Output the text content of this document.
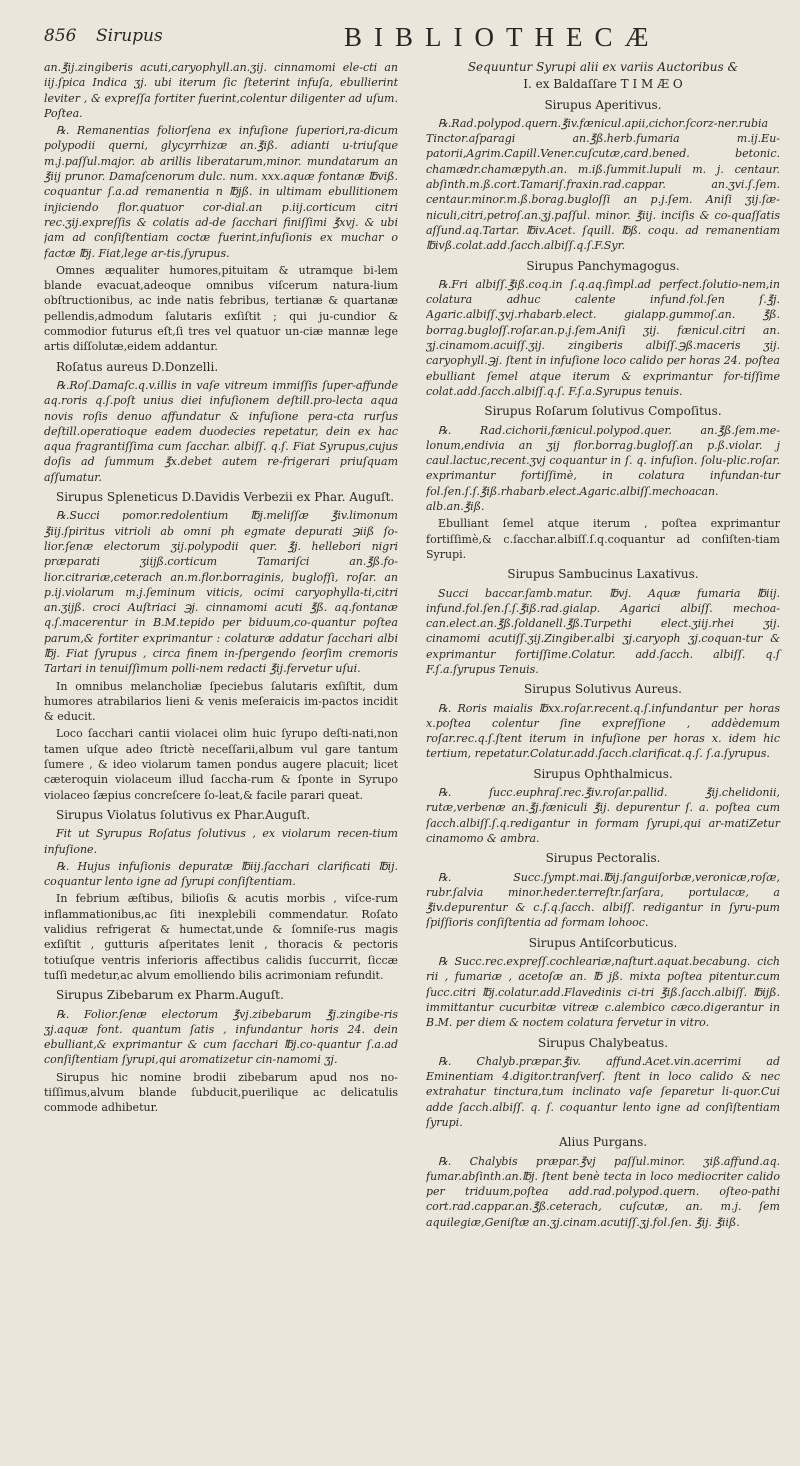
856 Sirupus	BIBLIOTHECÆ

an.℥ij.zingiberis acuti,caryophyll.an.ʒij. cinnamomi ele-cti an iij.ſpica Indica ʒj. ubi iterum ſic ſteterint infuſa, ebullierint leviter , & expreſſa fortiter fuerint,colentur diligenter ad uſum. Poſtea.

℞. Remanentias foliorſena ex infuſione ſuperiori,ra-dicum polypodii querni, glycyrrhizæ an.℥iß. adianti u-triuſque m.j.paſſul.major. ab arillis liberatarum,minor. mundatarum an ℥iij prunor. Damaſcenorum dulc. num. xxx.aquæ fontanæ ℔viß. coquantur ſ.a.ad remanentia n ℔jß. in ultimam ebullitionem injiciendo flor.quatuor cor-dial.an p.iij.corticum citri rec.ʒij.expreſſis & colatis ad-de ſacchari finiſſimi ℥xvj. & ubi jam ad conſiſtentiam coctæ fuerint,infuſionis ex muchar o factæ ℔j. Fiat,lege ar-tis,ſyrupus.

Omnes æqualiter humores,pituitam & utramque bi-lem blande evacuat,adeoque omnibus viſcerum natura-lium obſtructionibus, ac inde natis febribus, tertianæ & quartanæ pellendis,admodum ſalutaris exſiſtit ; qui ju-cundior & commodior futurus eſt,ſi tres vel quatuor un-ciæ mannæ lege artis diſſolutæ,eidem addantur.

Roſatus aureus D.Donzelli.

℞.Roſ.Damaſc.q.v.illis in vaſe vitreum immiſſis ſuper-affunde aq.roris q.ſ.poſt unius diei infuſionem deſtill.pro-lecta aqua novis roſis denuo affundatur & infuſione pera-cta rurſus deſtill.operatioque eadem duodecies repetatur, dein ex hac aqua fragrantiſſima cum ſacchar. albiſſ. q.ſ. Fiat Syrupus,cujus doſis ad ſummum ℥x.debet autem re-frigerari priuſquam aſſumatur.

Sirupus Spleneticus D.Davidis Verbezii ex Phar. Auguſt.

℞.Succi pomor.redolentium ℔j.meliſſæ ℥iv.limonum ℥iij.ſpiritus vitrioli ab omni ph egmate depurati ℈iiß ſo-lior.ſenæ electorum ʒij.polypodii quer. ℥j. hellebori nigri præparati ʒiijß.corticum Tamariſci an.℥ß.fo-lior.citrariæ,ceterach an.m.flor.borraginis, buglofſi, roſar. an p.ij.violarum m.j.ſeminum viticis, ocimi caryophylla-ti,citri an.ʒijß. croci Auſtriaci ℈j. cinnamomi acuti ℥ß. aq.fontanæ q.ſ.macerentur in B.M.tepido per biduum,co-quantur poſtea parum,& fortiter exprimantur : colaturæ addatur ſacchari albi ℔j. Fiat ſyrupus , circa finem in-ſpergendo ſeorſim cremoris Tartari in tenuiſſimum polli-nem redacti ℥ij.fervetur uſui.

In omnibus melancholiæ ſpeciebus ſalutaris exſiſtit, dum humores atrabilarios lieni & venis meſeraicis im-pactos incidit & educit.

Loco ſacchari cantii violacei olim huic ſyrupo deſti-nati,non tamen uſque adeo ſtrictè neceſſarii,album vul gare tantum ſumere , & ideo violarum tamen pondus augere placuit; licet cæteroquin violaceum illud ſaccha-rum & ſponte in Syrupo violaceo ſæpius concreſcere ſo-leat,& facile parari queat.

Sirupus Violatus ſolutivus ex Phar.Auguſt.

Fit ut Syrupus Roſatus ſolutivus , ex violarum recen-tium infuſione.

℞. Hujus infuſionis depuratæ ℔iij.ſacchari clarificati ℔ij. coquantur lento igne ad ſyrupi conſiſtentiam.

In febrium æſtibus, bilioſis & acutis morbis , viſce-rum inflammationibus,ac ſiti inexplebili commendatur. Roſato validius refrigerat & humectat,unde & ſomniſe-rus magis exſiſtit , gutturis aſperitates lenit , thoracis & pectoris totiuſque ventris inferioris affectibus calidis ſuccurrit, ſiccæ tuſſi medetur,ac alvum emolliendo bilis acrimoniam refundit.

Sirupus Zibebarum ex Pharm.Auguſt.

℞. Folior.ſenæ electorum ℥vj.zibebarum ℥j.zingibe-ris ʒj.aquæ font. quantum ſatis , infundantur horis 24. dein ebulliant,& exprimantur & cum ſacchari ℔j.co-quantur ſ.a.ad conſiſtentiam ſyrupi,qui aromatizetur cin-namomi ʒj.

Sirupus hic nomine brodii zibebarum apud nos no-tiſſimus,alvum blande ſubducit,puerilique ac delicatulis commode adhibetur.

Sequuntur Syrupi alii ex variis Auctoribus &
I. ex Baldaſſare T I M Æ O
Sirupus Aperitivus.

℞.Rad.polypod.quern.℥iv.fænicul.apii,cichor.ſcorz-ner.rubia Tinctor.aſparagi an.℥ß.herb.fumaria m.ij.Eu-patorii,Agrim.Capill.Vener.cuſcutæ,card.bened. betonic. chamædr.chamæpyth.an. m.iß.ſummit.lupuli m. j. centaur. abſinth.m.ß.cort.Tamariſ.fraxin.rad.cappar. an.ʒvi.ſ.ſem. centaur.minor.m.ß.borag.bugloſſi an p.j.ſem. Aniſi ʒij.ſæ-niculi,citri,petroſ.an.ʒj.paſſul. minor. ℥iij. inciſis & co-quaſſatis aſſund.aq.Tartar. ℔iv.Acet. ſquill. ℔ß. coqu. ad remanentiam ℔ivß.colat.add.ſacch.albiſſ.q.ſ.F.Syr.

Sirupus Panchymagogus.

℞.Fri albiſſ.℥iß.coq.in ſ.q.aq.ſimpl.ad perfect.ſolutio-nem,in colatura adhuc calente infund.fol.ſen ſ.℥j. Agaric.albiſſ.ʒvj.rhabarb.elect. gialapp.gummoſ.an. ℥ß. borrag.bugloſſ.roſar.an.p.j.ſem.Aniſi ʒij. fænicul.citri an. ʒj.cinamom.acuiſſ.ʒij. zingiberis albiſſ.℈ß.maceris ʒij. caryophyll.℈j. ſtent in infuſione loco calido per horas 24. poſtea ebulliant ſemel atque iterum & exprimantur for-tiſſime colat.add.ſacch.albiſſ.q.ſ. F.ſ.a.Syrupus tenuis.

Sirupus Roſarum ſolutivus Compoſitus.

℞. Rad.cichorii,fænicul.polypod.quer. an.℥ß.ſem.me-lonum,endivia an ʒij flor.borrag.bugloſſ.an p.ß.violar. j caul.lactuc,recent.ʒvj coquantur in ſ. q. infuſion. ſolu-plic.roſar. exprimantur fortiſſimè, in colatura infundan-tur fol.ſen.ſ.ſ.℥iß.rhabarb.elect.Agaric.albiſſ.mechoacan. alb.an.℥iß.

Ebulliant ſemel atque iterum , poſtea exprimantur fortiſſimè,& c.ſacchar.albiſſ.ſ.q.coquantur ad conſiſten-tiam Syrupi.

Sirupus Sambucinus Laxativus.

Succi baccar.ſamb.matur. ℔vj. Aquæ fumaria ℔iij. infund.fol.ſen.ſ.ſ.℥iß.rad.gialap. Agarici albiſſ. mechoa-can.elect.an.℥ß.ſoldanell.℥ß.Turpethi elect.ʒiij.rhei ʒij. cinamomi acutiſſ.ʒij.Zingiber.albi ʒj.caryoph ʒj.coquan-tur & exprimantur fortiſſime.Colatur. add.ſacch. albiſſ. q.ſ F.ſ.a.ſyrupus Tenuis.

Sirupus Solutivus Aureus.

℞. Roris maialis ℔xx.roſar.recent.q.ſ.infundantur per horas x.poſtea colentur ſine expreſſione , addèdemum roſar.rec.q.ſ.ſtent iterum in infuſione per horas x. idem hic tertium, repetatur.Colatur.add.ſacch.clarificat.q.ſ. ſ.a.ſyrupus.

Sirupus Ophthalmicus.

℞. ſucc.euphraſ.rec.℥iv.roſar.pallid. ℥ij.chelidonii, rutæ,verbenæ an.℥j.fæniculi ℥ij. depurentur ſ. a. poſtea cum ſacch.albiſſ.ſ.q.redigantur in formam ſyrupi,qui ar-matiZetur cinamomo & ambra.

Sirupus Pectoralis.

℞. Succ.ſympt.mai.℔ij.ſanguiſorbæ,veronicæ,roſæ, rubr.ſalvia minor.heder.terreſtr.ſarſara, portulacæ, a ℥iv.depurentur & c.ſ.q.ſacch. albiſſ. redigantur in ſyru-pum ſpiſſioris conſiſtentia ad formam lohooc.

Sirupus Antiſcorbuticus.

℞ Succ.rec.expreſſ.cochleariæ,naſturt.aquat.becabung. cich rii , fumariæ , acetoſæ an. ℔ jß. mixta poſtea pitentur.cum ſucc.citri ℔j.colatur.add.Flavedinis ci-tri ℥iß.ſacch.albiſſ. ℔ijß. immittantur cucurbitæ vitreæ c.alembico cæco.digerantur in B.M. per diem & noctem colatura fervetur in vitro.

Sirupus Chalybeatus.

℞. Chalyb.præpar.℥iv. affund.Acet.vin.acerrimi ad Eminentiam 4.digitor.tranſverſ. ſtent in loco calido & nec extrahatur tinctura,tum inclinato vaſe ſeparetur li-quor.Cui adde ſacch.albiſſ. q. ſ. coquantur lento igne ad conſiſtentiam ſyrupi.

Alius Purgans.

℞. Chalybis præpar.℥vj paſſul.minor. ʒiß.affund.aq. fumar.abſinth.an.℔j. ſtent benè tecta in loco mediocriter calido per triduum,poſtea add.rad.polypod.quern. oſteo-pathi cort.rad.cappar.an.℥ß.ceterach, cuſcutæ, an. m.j. ſem aquilegiæ,Geniſtæ an.ʒj.cinam.acutiſſ.ʒj.fol.ſen. ℥ij. ℥iiß.
